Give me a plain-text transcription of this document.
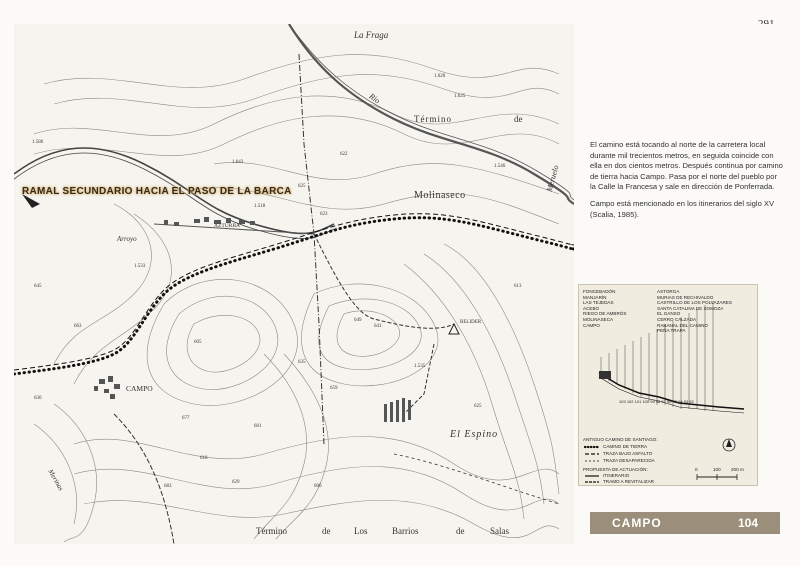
La Fraga
Rio
Término	de
Meruelo
Molinaseco
Arroyo
AZTURBA
CAMPO
BELIDER
El Espino
Término	de	Los	Barrios	de	Salas
Merinas
1.586
1.643
625
622
623
1.620
1.625
1.546
1.518
605
659
677
618
629
630
645
649
635
641
663
1.533
1.535
613
601
600
625
683
RAMAL SECUNDARIO HACIA EL PASO DE LA BARCA

El camino está tocando al norte de la carretera local durante mil trecientos metros, en seguida coincide con ella en dos cientos metros. Después continua por camino de tierra hacia Campo. Pasa por el norte del pueblo por la Calle la Francesa y sale en dirección de Ponferrada.

Campo está mencionado en los itinerarios del siglo XV (Scalia, 1985).

FONCEBADÓN
MANJARÍN
LAS TEJEDAS
ACEBO
RIEGO DE AMBRÓS
MOLINASECA
CAMPO
ASTORGA
MURIAS DE RECHIVALDO
CASTRILLO DE LOS POLVAZARES
SANTA CATALINA DE SOMOZA
EL GANSO
CERRO CALZADA
RABANAL DEL CAMINO
PEÑA TRAPA
103 102 101 100 99 98 97 96 95 94 93 92
ANTIGUO CAMINO DE SANTIAGO:
CAMINO DE TIERRA
TRAZA BAJO ASFALTO
TRAZA DESAPARECIDA
PROPUESTA DE ACTUACIÓN:
ITINERARIO
TRAMO A REVITALIZAR
0	100 200 m
CAMPO	104
